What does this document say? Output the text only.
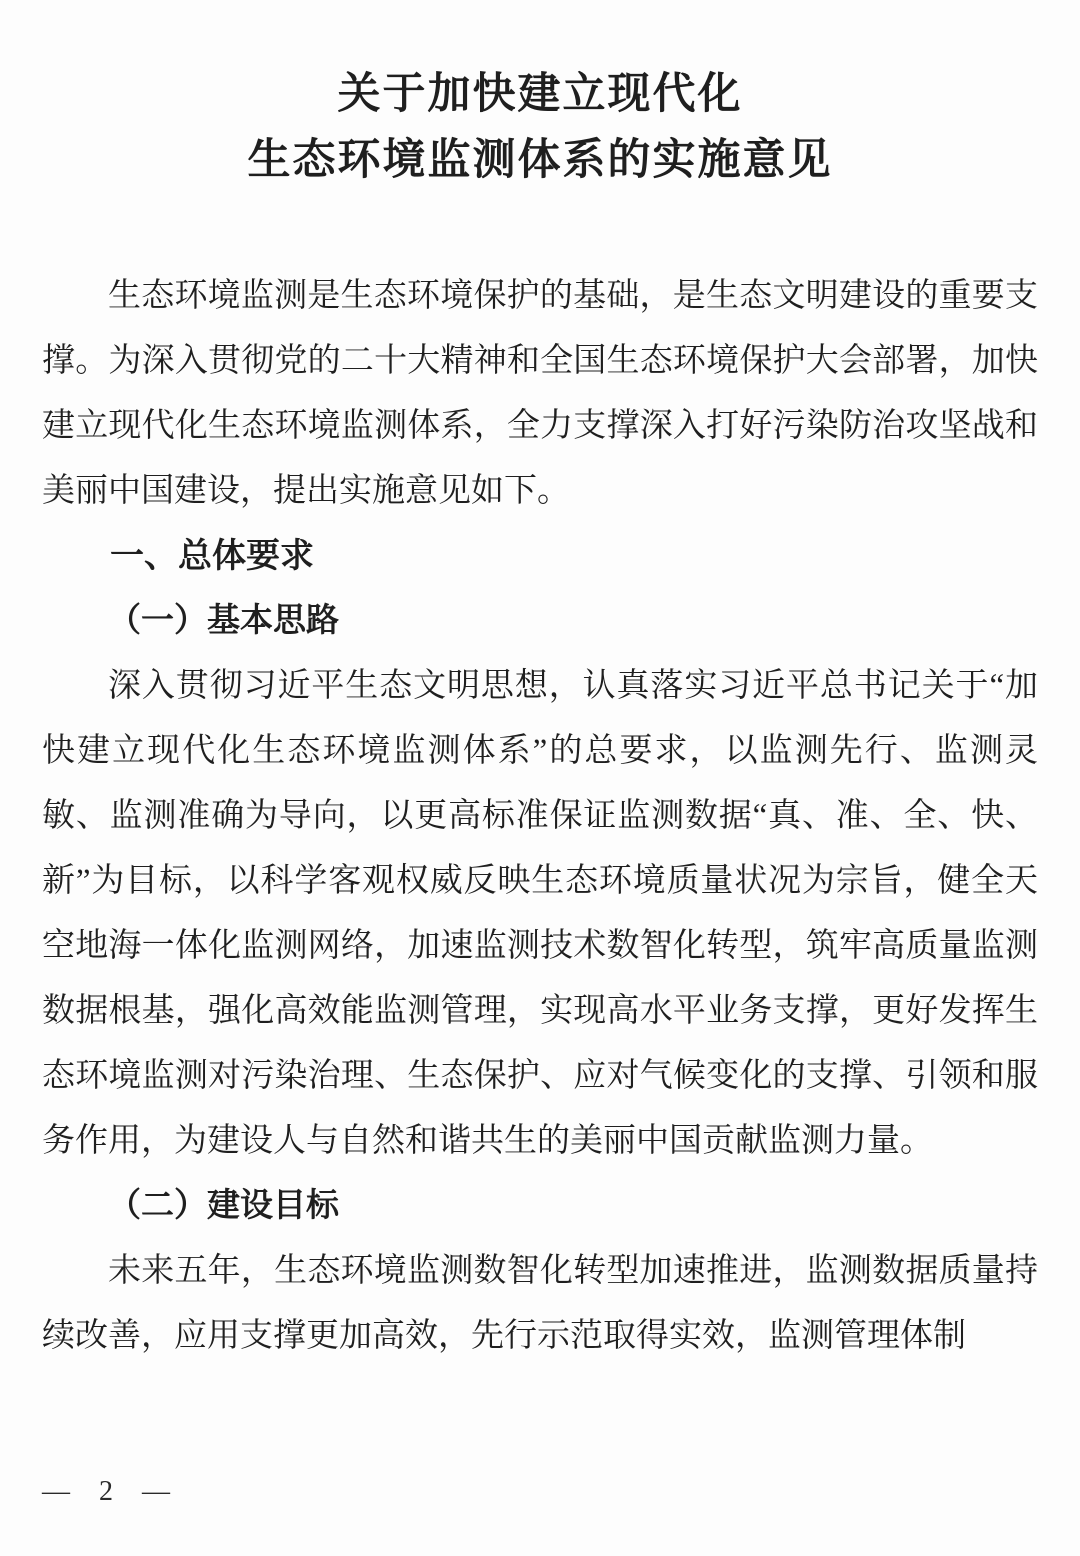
关于加快建立现代化
生态环境监测体系的实施意见

生态环境监测是生态环境保护的基础，是生态文明建设的重要支撑。为深入贯彻党的二十大精神和全国生态环境保护大会部署，加快建立现代化生态环境监测体系，全力支撑深入打好污染防治攻坚战和美丽中国建设，提出实施意见如下。

一、总体要求
（一）基本思路

深入贯彻习近平生态文明思想，认真落实习近平总书记关于“加快建立现代化生态环境监测体系”的总要求，以监测先行、监测灵敏、监测准确为导向，以更高标准保证监测数据“真、准、全、快、新”为目标，以科学客观权威反映生态环境质量状况为宗旨，健全天空地海一体化监测网络，加速监测技术数智化转型，筑牢高质量监测数据根基，强化高效能监测管理，实现高水平业务支撑，更好发挥生态环境监测对污染治理、生态保护、应对气候变化的支撑、引领和服务作用，为建设人与自然和谐共生的美丽中国贡献监测力量。

（二）建设目标

未来五年，生态环境监测数智化转型加速推进，监测数据质量持续改善，应用支撑更加高效，先行示范取得实效，监测管理体制

— 2 —
